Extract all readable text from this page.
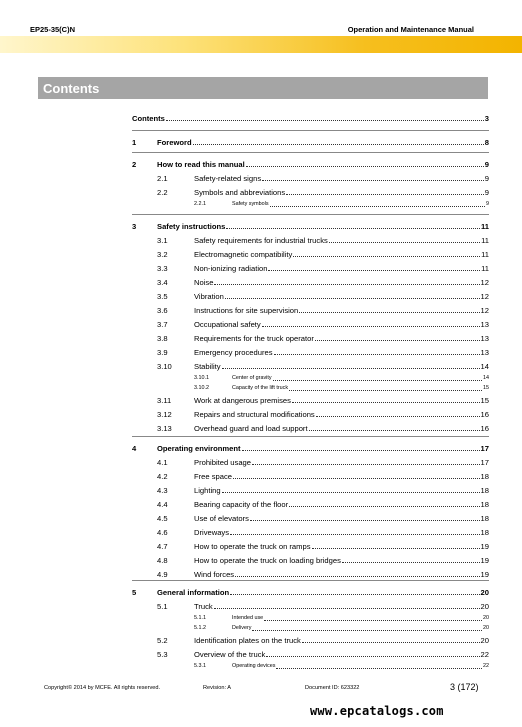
EP25-35(C)N	Operation and Maintenance Manual
Contents
Contents	3
1	Foreword	8
2	How to read this manual	9
2.1	Safety-related signs	9
2.2	Symbols and abbreviations	9
2.2.1	Safety symbols	9
3	Safety instructions	11
3.1	Safety requirements for industrial trucks	11
3.2	Electromagnetic compatibility	11
3.3	Non-ionizing radiation	11
3.4	Noise	12
3.5	Vibration	12
3.6	Instructions for site supervision	12
3.7	Occupational safety	13
3.8	Requirements for the truck operator	13
3.9	Emergency procedures	13
3.10	Stability	14
3.10.1	Center of gravity	14
3.10.2	Capacity of the lift truck	15
3.11	Work at dangerous premises	15
3.12	Repairs and structural modifications	16
3.13	Overhead guard and load support	16
4	Operating environment	17
4.1	Prohibited usage	17
4.2	Free space	18
4.3	Lighting	18
4.4	Bearing capacity of the floor	18
4.5	Use of elevators	18
4.6	Driveways	18
4.7	How to operate the truck on ramps	19
4.8	How to operate the truck on loading bridges	19
4.9	Wind forces	19
5	General information	20
5.1	Truck	20
5.1.1	Intended use	20
5.1.2	Delivery	20
5.2	Identification plates on the truck	20
5.3	Overview of the truck	22
5.3.1	Operating devices	22
Copyright© 2014 by MCFE. All rights reserved.	Revision: A	Document ID: 623322	3 (172)
www.epcatalogs.com
